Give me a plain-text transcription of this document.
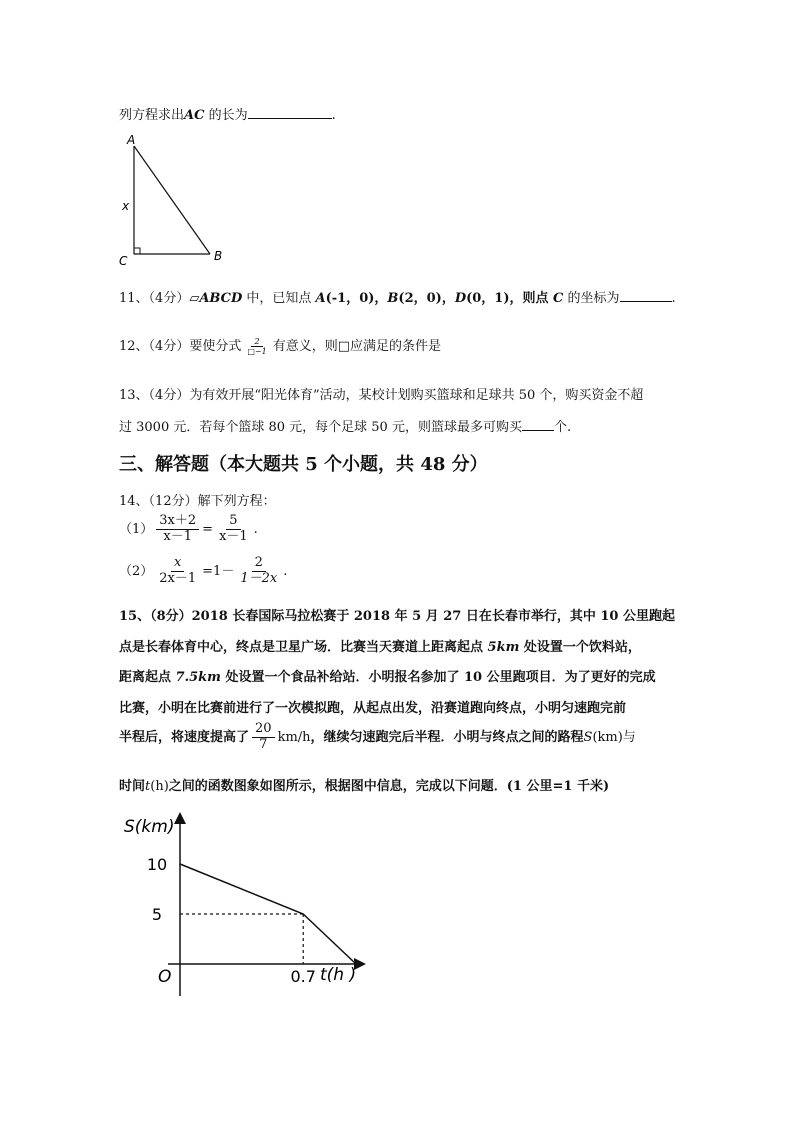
列方程求出AC 的长为	.
A
B
C
x
11、（4分）▱ABCD 中，已知点 A(-1，0)，B(2，0)，D(0，1)，则点 C 的坐标为	.
12、（4分）要使分式 $\frac{2}{□-1}$ 有意义，则□应满足的条件是
13、（4分）为有效开展“阳光体育”活动，某校计划购买篮球和足球共 50 个，购买资金不超
过 3000 元．若每个篮球 80 元，每个足球 50 元，则篮球最多可购买 个.
三、解答题（本大题共 5 个小题，共 48 分）
14、（12分）解下列方程：
$(1) \frac{3x+2}{x-1} = \frac{5}{x-1}$ .
$(2) \frac{x}{2x-1} =1- \frac{2}{1-2x}$ .
15、（8分）2018 长春国际马拉松赛于 2018 年 5 月 27 日在长春市举行，其中 10 公里跑起
点是长春体育中心，终点是卫星广场．比赛当天赛道上距离起点 5km 处设置一个饮料站，
距离起点 7.5km 处设置一个食品补给站．小明报名参加了 10 公里跑项目．为了更好的完成
比赛，小明在比赛前进行了一次模拟跑，从起点出发，沿赛道跑向终点，小明匀速跑完前
半程后，将速度提高了 $\frac{20}{7} km/h$，继续匀速跑完后半程．小明与终点之间的路程S(km)与
时间t(h)之间的函数图象如图所示，根据图中信息，完成以下问题．(1 公里=1 千米)
S(km)
t(h )
O
10
5
0.7
